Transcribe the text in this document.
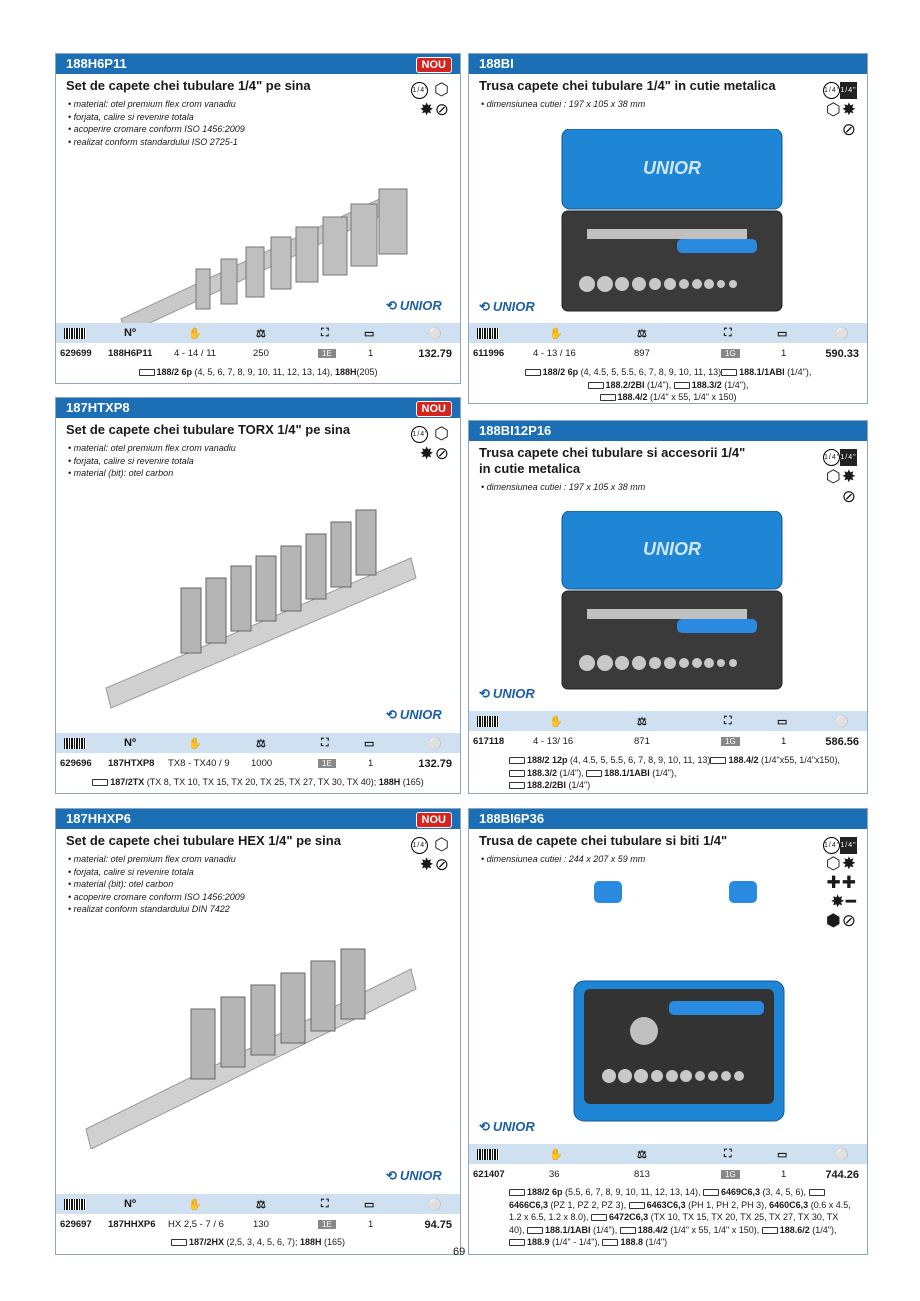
188H6P11	NOU
Set de capete chei tubulare 1/4" pe sina
• material: otel premium flex crom vanadiu
• forjata, calire si revenire totala
• acoperire cromare conform ISO 1456:2009
• realizat conform standardului ISO 2725-1
1/4" ⬡
✸⊘
⟲ UNIOR
Nº	✋	⚖	⛶	▭	⚪
629699 188H6P11 4 - 14 / 11	250	1E	1	132.79
188/2 6p (4, 5, 6, 7, 8, 9, 10, 11, 12, 13, 14), 188H(205)
188BI
Trusa capete chei tubulare 1/4" in cutie metalica
• dimensiunea cutiei : 197 x 105 x 38 mm
1/4"1/4"
⬡✸
⊘
UNIOR
⟲ UNIOR
✋	⚖	⛶	▭	⚪
611996	4 - 13 / 16	897	1G	1	590.33
188/2 6p (4, 4.5, 5, 5.5, 6, 7, 8, 9, 10, 11, 13) 188.1/1ABI (1/4"),
188.2/2BI (1/4"), 188.3/2 (1/4"),
188.4/2 (1/4" x 55, 1/4" x 150)
187HTXP8	NOU
Set de capete chei tubulare TORX 1/4" pe sina
• material: otel premium flex crom vanadiu
• forjata, calire si revenire totala
• material (bit): otel carbon
1/4" ⬡
✸⊘
⟲ UNIOR
Nº	✋	⚖	⛶	▭	⚪
629696 187HTXP8 TX8 - TX40 / 9 1000	1E	1	132.79
187/2TX (TX 8, TX 10, TX 15, TX 20, TX 25, TX 27, TX 30, TX 40); 188H (165)
188BI12P16
Trusa capete chei tubulare si accesorii 1/4" in cutie metalica
• dimensiunea cutiei : 197 x 105 x 38 mm
1/4"1/4"
⬡✸
⊘
UNIOR
⟲ UNIOR
✋	⚖	⛶	▭	⚪
617118	4 - 13/ 16	871	1G	1	586.56
188/2 12p (4, 4.5, 5, 5.5, 6, 7, 8, 9, 10, 11, 13) 188.4/2 (1/4"x55, 1/4"x150), 188.3/2 (1/4"), 188.1/1ABI (1/4"),
188.2/2BI (1/4")
187HHXP6	NOU
Set de capete chei tubulare HEX 1/4" pe sina
• material: otel premium flex crom vanadiu
• forjata, calire si revenire totala
• material (bit): otel carbon
• acoperire cromare conform ISO 1456:2009
• realizat conform standardului DIN 7422
1/4" ⬡
✸⊘
⟲ UNIOR
Nº	✋	⚖	⛶	▭	⚪
629697 187HHXP6 HX 2,5 - 7 / 6	130	1E	1	94.75
187/2HX (2,5, 3, 4, 5, 6, 7); 188H (165)
188BI6P36
Trusa de capete chei tubulare si biti 1/4"
• dimensiunea cutiei : 244 x 207 x 59 mm
1/4"1/4"
⬡✸
✚✚
✸━
⬢⊘
⟲ UNIOR
✋	⚖	⛶	▭	⚪
621407	36	813	1G	1	744.26
188/2 6p (5.5, 6, 7, 8, 9, 10, 11, 12, 13, 14), 6469C6,3 (3, 4, 5, 6), 6466C6,3 (PZ 1, PZ 2, PZ 3), 6463C6,3 (PH 1, PH 2, PH 3), 6460C6,3 (0.6 x 4.5, 1.2 x 6.5, 1.2 x 8.0), 6472C6,3 (TX 10, TX 15, TX 20, TX 25, TX 27, TX 30, TX 40), 188.1/1ABI (1/4"), 188.4/2 (1/4" x 55, 1/4" x 150), 188.6/2 (1/4"), 188.9 (1/4" - 1/4"), 188.8 (1/4")
69
